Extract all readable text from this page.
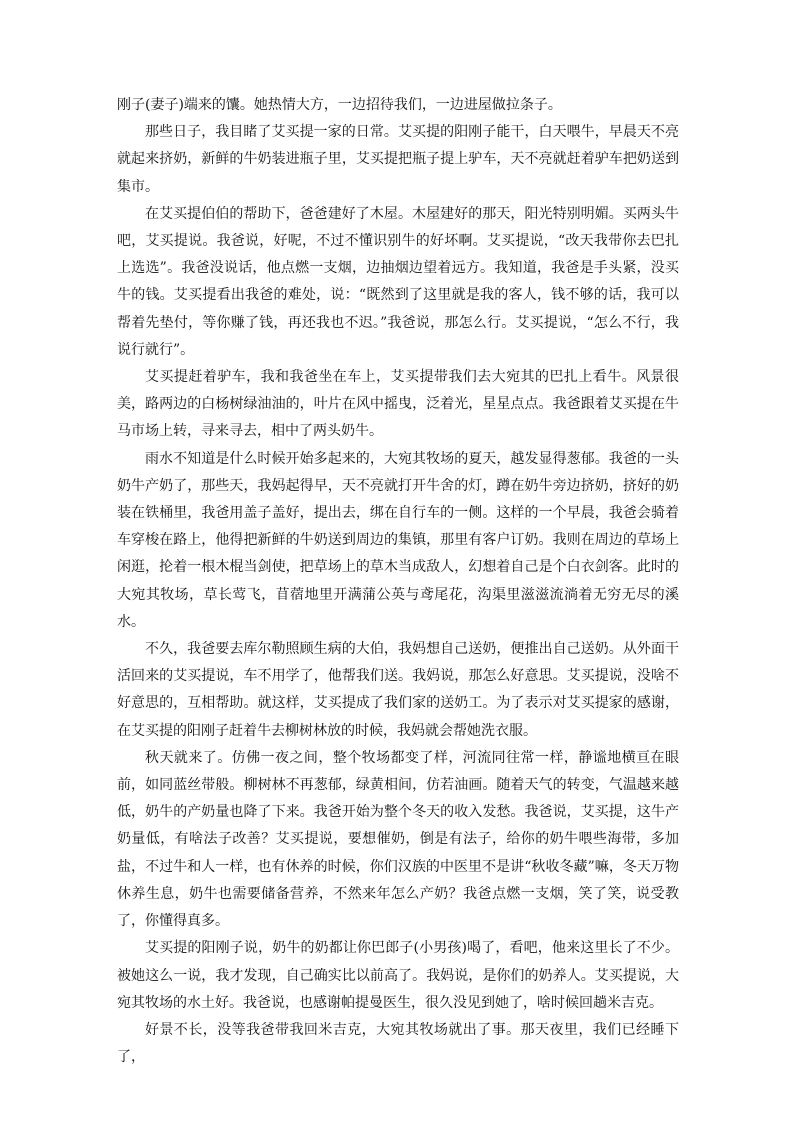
刚子(妻子)端来的馕。她热情大方，一边招待我们，一边进屋做拉条子。

那些日子，我目睹了艾买提一家的日常。艾买提的阳刚子能干，白天喂牛，早晨天不亮就起来挤奶，新鲜的牛奶装进瓶子里，艾买提把瓶子提上驴车，天不亮就赶着驴车把奶送到集市。

在艾买提伯伯的帮助下，爸爸建好了木屋。木屋建好的那天，阳光特别明媚。买两头牛吧，艾买提说。我爸说，好呢，不过不懂识别牛的好坏啊。艾买提说，“改天我带你去巴扎上选选”。我爸没说话，他点燃一支烟，边抽烟边望着远方。我知道，我爸是手头紧，没买牛的钱。艾买提看出我爸的难处，说：“既然到了这里就是我的客人，钱不够的话，我可以帮着先垫付，等你赚了钱，再还我也不迟。”我爸说，那怎么行。艾买提说，“怎么不行，我说行就行”。

艾买提赶着驴车，我和我爸坐在车上，艾买提带我们去大宛其的巴扎上看牛。风景很美，路两边的白杨树绿油油的，叶片在风中摇曳，泛着光，星星点点。我爸跟着艾买提在牛马市场上转，寻来寻去，相中了两头奶牛。

雨水不知道是什么时候开始多起来的，大宛其牧场的夏天，越发显得葱郁。我爸的一头奶牛产奶了，那些天，我妈起得早，天不亮就打开牛舍的灯，蹲在奶牛旁边挤奶，挤好的奶装在铁桶里，我爸用盖子盖好，提出去，绑在自行车的一侧。这样的一个早晨，我爸会骑着车穿梭在路上，他得把新鲜的牛奶送到周边的集镇，那里有客户订奶。我则在周边的草场上闲逛，抡着一根木棍当剑使，把草场上的草木当成敌人，幻想着自己是个白衣剑客。此时的大宛其牧场，草长莺飞，苜蓿地里开满蒲公英与鸢尾花，沟渠里滋滋流淌着无穷无尽的溪水。

不久，我爸要去库尔勒照顾生病的大伯，我妈想自己送奶，便推出自己送奶。从外面干活回来的艾买提说，车不用学了，他帮我们送。我妈说，那怎么好意思。艾买提说，没啥不好意思的，互相帮助。就这样，艾买提成了我们家的送奶工。为了表示对艾买提家的感谢，在艾买提的阳刚子赶着牛去柳树林放的时候，我妈就会帮她洗衣服。

秋天就来了。仿佛一夜之间，整个牧场都变了样，河流同往常一样，静谧地横亘在眼前，如同蓝丝带般。柳树林不再葱郁，绿黄相间，仿若油画。随着天气的转变，气温越来越低，奶牛的产奶量也降了下来。我爸开始为整个冬天的收入发愁。我爸说，艾买提，这牛产奶量低，有啥法子改善？艾买提说，要想催奶，倒是有法子，给你的奶牛喂些海带，多加盐，不过牛和人一样，也有休养的时候，你们汉族的中医里不是讲“秋收冬藏”嘛，冬天万物休养生息，奶牛也需要储备营养，不然来年怎么产奶？我爸点燃一支烟，笑了笑，说受教了，你懂得真多。

艾买提的阳刚子说，奶牛的奶都让你巴郎子(小男孩)喝了，看吧，他来这里长了不少。被她这么一说，我才发现，自己确实比以前高了。我妈说，是你们的奶养人。艾买提说，大宛其牧场的水土好。我爸说，也感谢帕提曼医生，很久没见到她了，啥时候回趟米吉克。

好景不长，没等我爸带我回米吉克，大宛其牧场就出了事。那天夜里，我们已经睡下了，
